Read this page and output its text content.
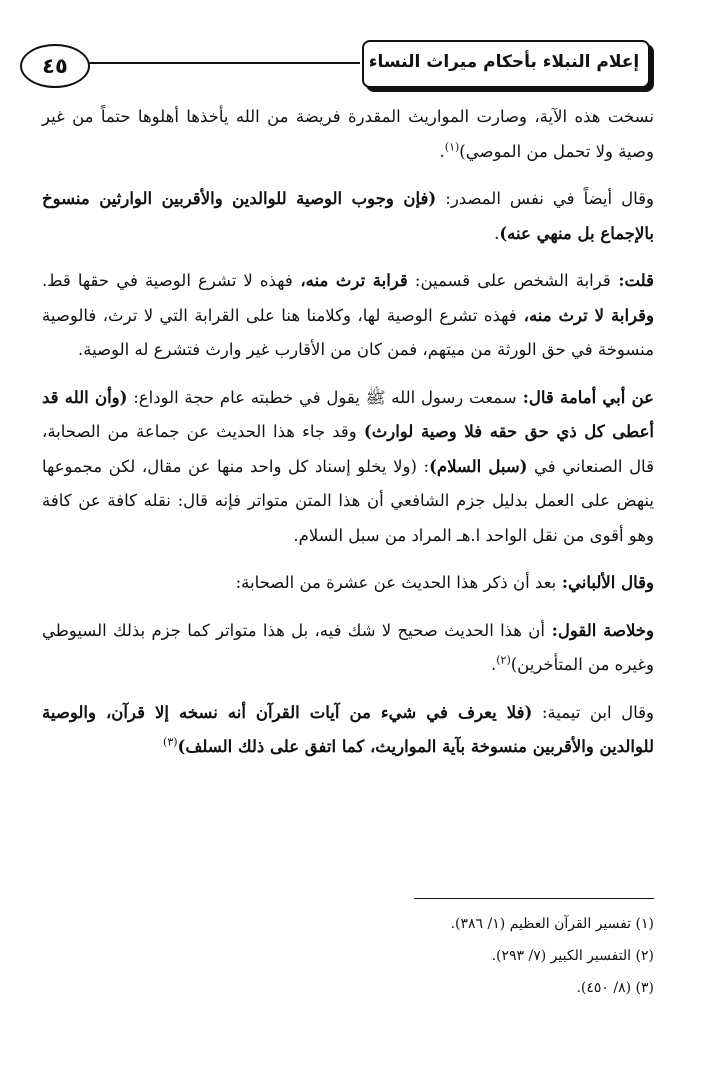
إعلام النبلاء بأحكام ميراث النساء
٤٥

نسخت هذه الآية، وصارت المواريث المقدرة فريضة من الله يأخذها أهلوها حتماً من غير وصية ولا تحمل من الموصي)$^{(١)}$.

وقال أيضاً في نفس المصدر: (فإن وجوب الوصية للوالدين والأقربين الوارثين منسوخ بالإجماع بل منهي عنه).

قلت: قرابة الشخص على قسمين: قرابة ترث منه، فهذه لا تشرع الوصية في حقها قط. وقرابة لا ترث منه، فهذه تشرع الوصية لها، وكلامنا هنا على القرابة التي لا ترث، فالوصية منسوخة في حق الورثة من ميتهم، فمن كان من الأقارب غير وارث فتشرع له الوصية.

عن أبي أمامة قال: سمعت رسول الله ﷺ يقول في خطبته عام حجة الوداع: (وأن الله قد أعطى كل ذي حق حقه فلا وصية لوارث) وقد جاء هذا الحديث عن جماعة من الصحابة، قال الصنعاني في (سبل السلام): (ولا يخلو إسناد كل واحد منها عن مقال، لكن مجموعها ينهض على العمل بدليل جزم الشافعي أن هذا المتن متواتر فإنه قال: نقله كافة عن كافة وهو أقوى من نقل الواحد ا.هـ المراد من سبل السلام.

وقال الألباني: بعد أن ذكر هذا الحديث عن عشرة من الصحابة:

وخلاصة القول: أن هذا الحديث صحيح لا شك فيه، بل هذا متواتر كما جزم بذلك السيوطي وغيره من المتأخرين)$^{(٢)}$.

وقال ابن تيمية: (فلا يعرف في شيء من آيات القرآن أنه نسخه إلا قرآن، والوصية للوالدين والأقربين منسوخة بآية المواريث، كما اتفق على ذلك السلف)$^{(٣)}$

(١) تفسير القرآن العظيم (١/ ٣٨٦).

(٢) التفسير الكبير (٧/ ٢٩٣).

(٣) (٨/ ٤٥٠).
